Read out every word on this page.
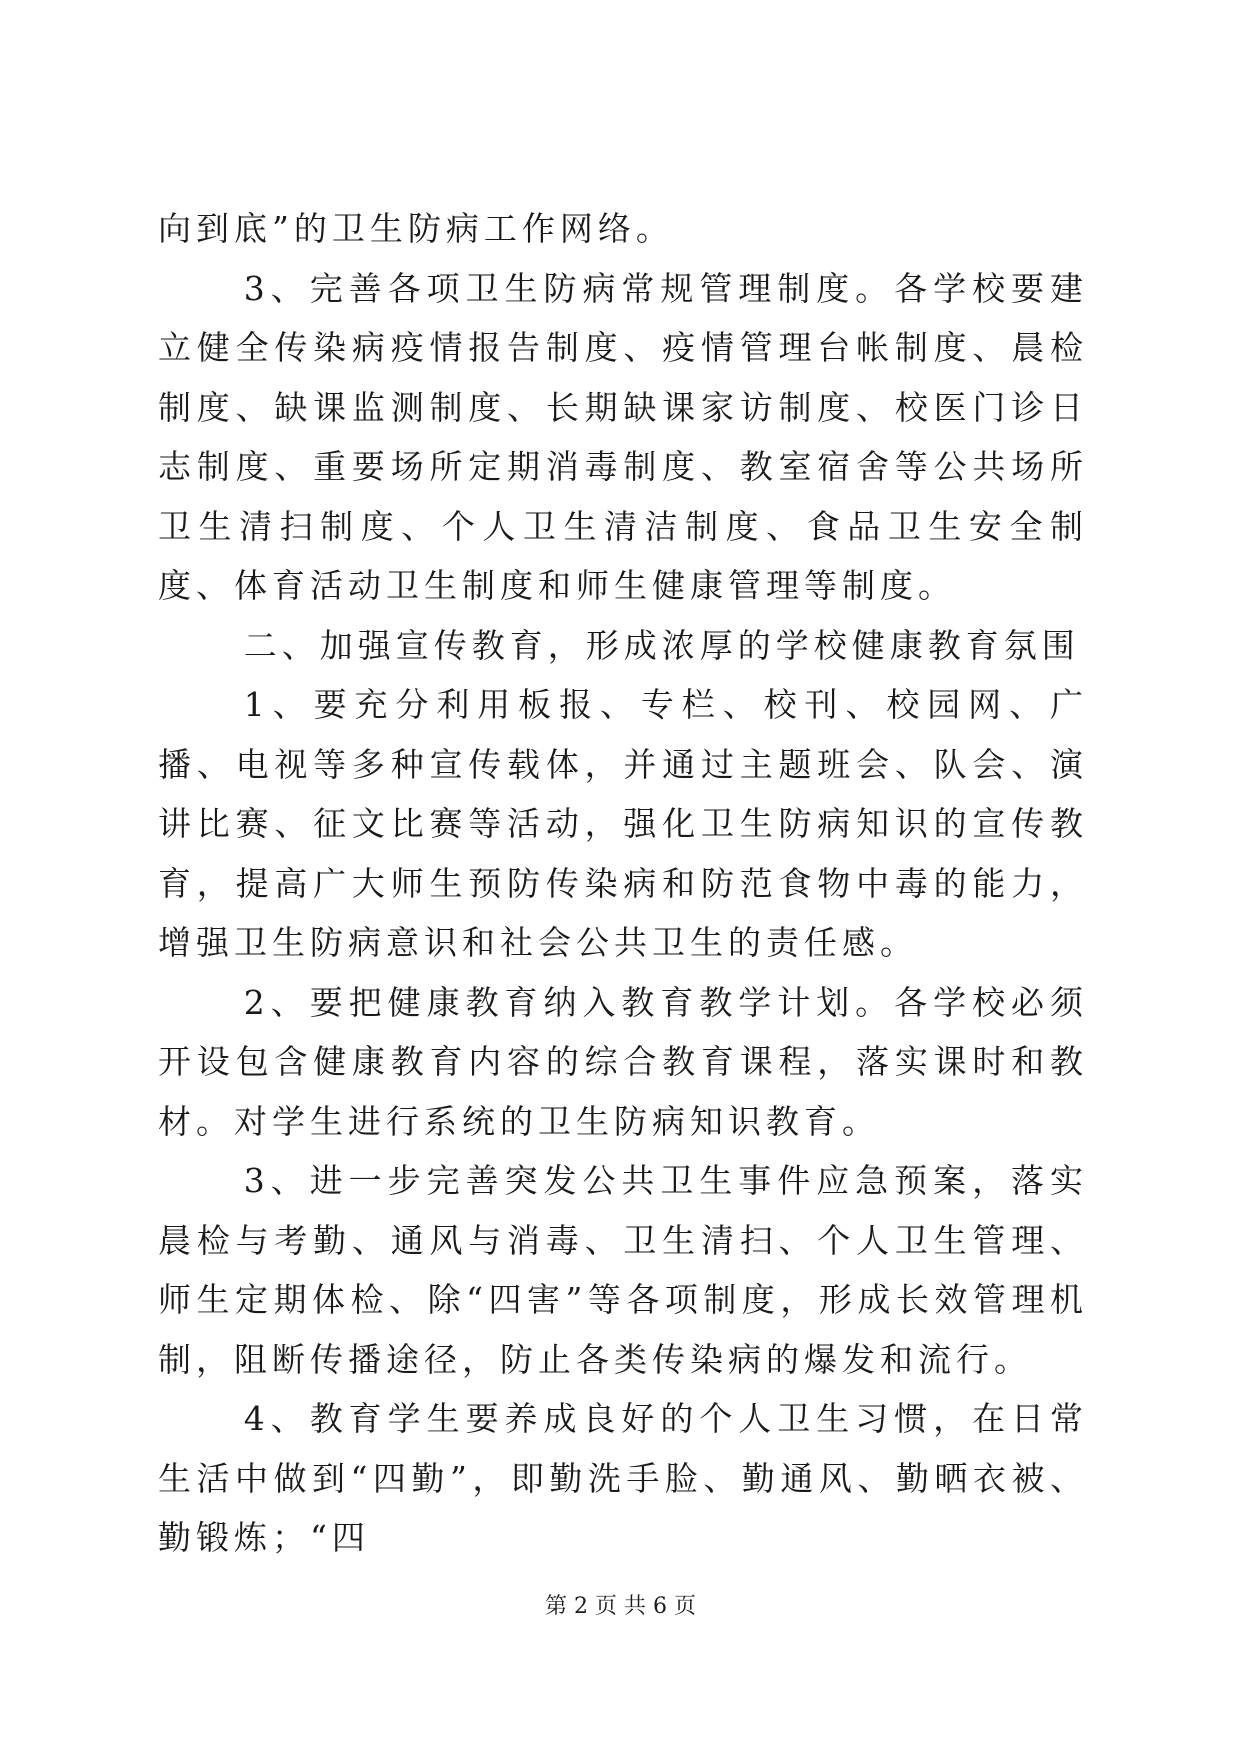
向到底”的卫生防病工作网络。

3、完善各项卫生防病常规管理制度。各学校要建立健全传染病疫情报告制度、疫情管理台帐制度、晨检制度、缺课监测制度、长期缺课家访制度、校医门诊日志制度、重要场所定期消毒制度、教室宿舍等公共场所卫生清扫制度、个人卫生清洁制度、食品卫生安全制度、体育活动卫生制度和师生健康管理等制度。

二、加强宣传教育，形成浓厚的学校健康教育氛围

1、要充分利用板报、专栏、校刊、校园网、广播、电视等多种宣传载体，并通过主题班会、队会、演讲比赛、征文比赛等活动，强化卫生防病知识的宣传教育，提高广大师生预防传染病和防范食物中毒的能力，增强卫生防病意识和社会公共卫生的责任感。

2、要把健康教育纳入教育教学计划。各学校必须开设包含健康教育内容的综合教育课程，落实课时和教材。对学生进行系统的卫生防病知识教育。

3、进一步完善突发公共卫生事件应急预案，落实晨检与考勤、通风与消毒、卫生清扫、个人卫生管理、师生定期体检、除“四害”等各项制度，形成长效管理机制，阻断传播途径，防止各类传染病的爆发和流行。

4、教育学生要养成良好的个人卫生习惯，在日常生活中做到“四勤”，即勤洗手脸、勤通风、勤晒衣被、勤锻炼；“四

第 2 页 共 6 页
